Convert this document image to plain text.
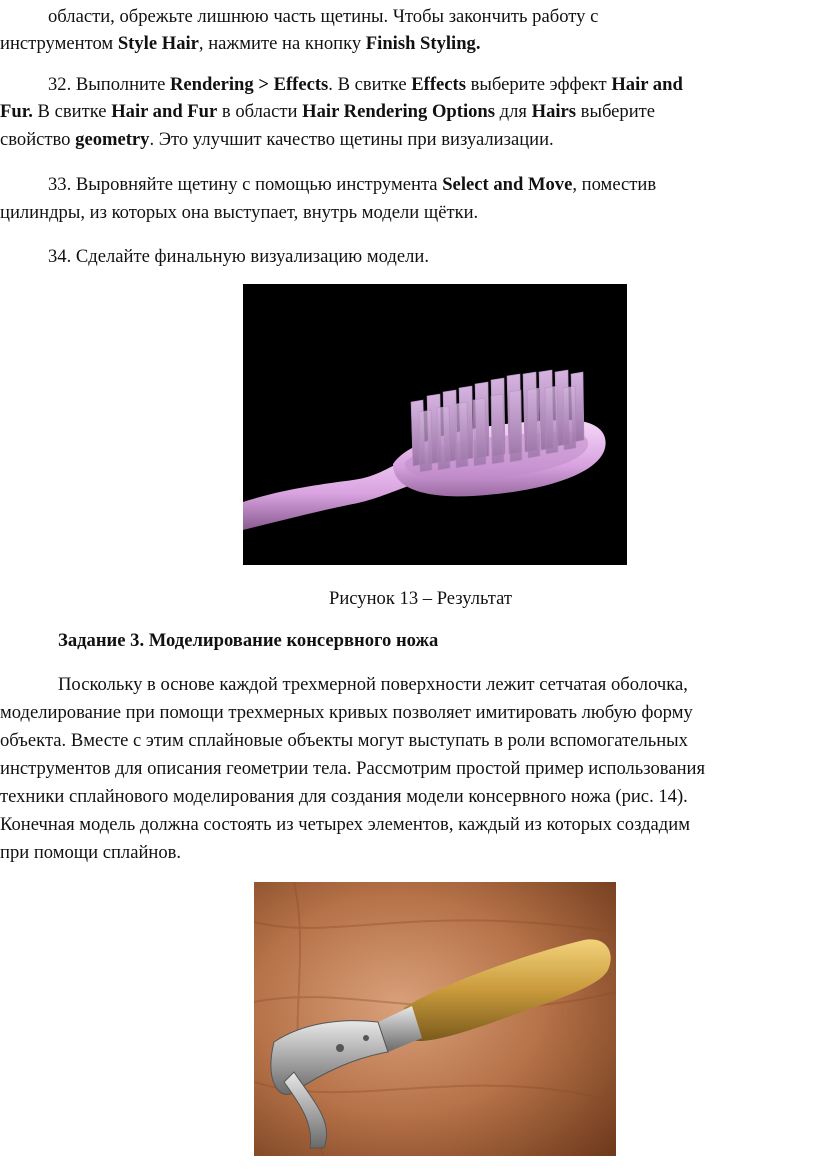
области, обрежьте лишнюю часть щетины. Чтобы закончить работу с
инструментом Style Hair, нажмите на кнопку Finish Styling.
32. Выполните Rendering > Effects. В свитке Effects выберите эффект Hair and
Fur. В свитке Hair and Fur в области Hair Rendering Options для Hairs выберите
свойство geometry. Это улучшит качество щетины при визуализации.
33. Выровняйте щетину с помощью инструмента Select and Move, поместив
цилиндры, из которых она выступает, внутрь модели щётки.
34. Сделайте финальную визуализацию модели.
Рисунок 13 – Результат
Задание 3. Моделирование консервного ножа
Поскольку в основе каждой трехмерной поверхности лежит сетчатая оболочка,
моделирование при помощи трехмерных кривых позволяет имитировать любую форму
объекта. Вместе с этим сплайновые объекты могут выступать в роли вспомогательных
инструментов для описания геометрии тела. Рассмотрим простой пример использования
техники сплайнового моделирования для создания модели консервного ножа (рис. 14).
Конечная модель должна состоять из четырех элементов, каждый из которых создадим
при помощи сплайнов.
